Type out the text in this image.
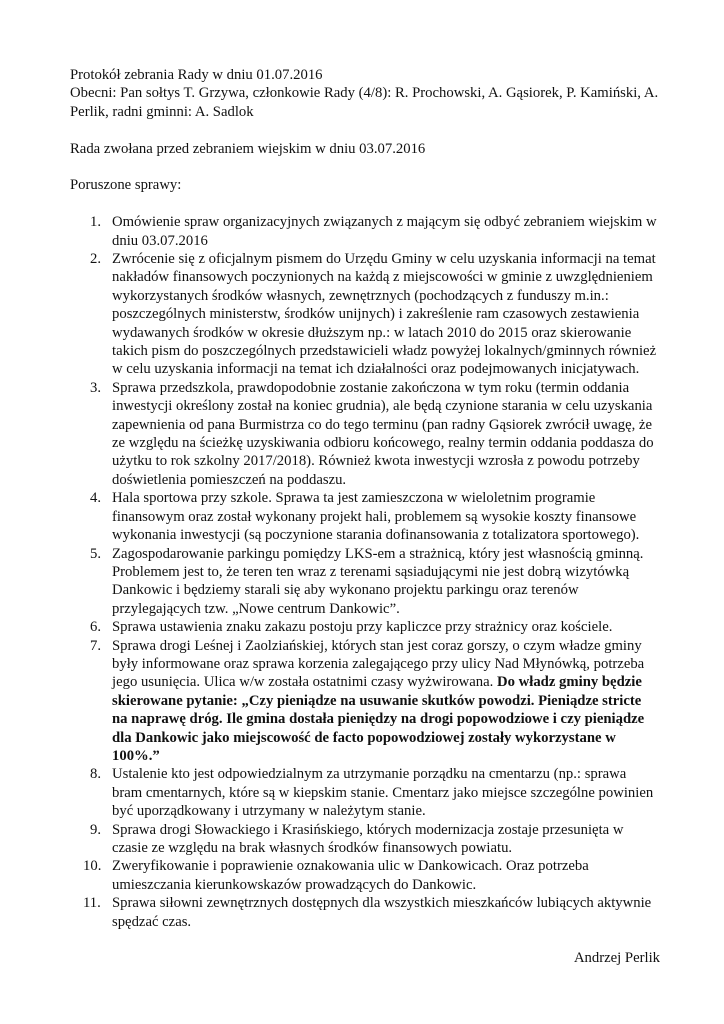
Protokół zebrania Rady w dniu 01.07.2016

Obecni: Pan sołtys T. Grzywa, członkowie Rady (4/8): R. Prochowski, A. Gąsiorek, P. Kamiński, A. Perlik, radni gminni: A. Sadlok

Rada zwołana przed zebraniem wiejskim w dniu 03.07.2016

Poruszone sprawy:

1. Omówienie spraw organizacyjnych związanych z mającym się odbyć zebraniem wiejskim w dniu 03.07.2016
2. Zwrócenie się z oficjalnym pismem do Urzędu Gminy w celu uzyskania informacji na temat nakładów finansowych poczynionych na każdą z miejscowości w gminie z uwzględnieniem wykorzystanych środków własnych, zewnętrznych (pochodzących z funduszy m.in.: poszczególnych ministerstw, środków unijnych) i zakreślenie ram czasowych zestawienia wydawanych środków w okresie dłuższym np.: w latach 2010 do 2015 oraz skierowanie takich pism do poszczególnych przedstawicieli władz powyżej lokalnych/gminnych również w celu uzyskania informacji na temat ich działalności oraz podejmowanych inicjatywach.
3. Sprawa przedszkola, prawdopodobnie zostanie zakończona w tym roku (termin oddania inwestycji określony został na koniec grudnia), ale będą czynione starania w celu uzyskania zapewnienia od pana Burmistrza co do tego terminu (pan radny Gąsiorek zwrócił uwagę, że ze względu na ścieżkę uzyskiwania odbioru końcowego, realny termin oddania poddasza do użytku to rok szkolny 2017/2018). Również kwota inwestycji wzrosła z powodu potrzeby doświetlenia pomieszczeń na poddaszu.
4. Hala sportowa przy szkole. Sprawa ta jest zamieszczona w wieloletnim programie finansowym oraz został wykonany projekt hali, problemem są wysokie koszty finansowe wykonania inwestycji (są poczynione starania dofinansowania z totalizatora sportowego).
5. Zagospodarowanie parkingu pomiędzy LKS-em a strażnicą, który jest własnością gminną. Problemem jest to, że teren ten wraz z terenami sąsiadującymi nie jest dobrą wizytówką Dankowic i będziemy starali się aby wykonano projektu parkingu oraz terenów przylegających tzw. „Nowe centrum Dankowic”.
6. Sprawa ustawienia znaku zakazu postoju przy kapliczce przy strażnicy oraz kościele.
7. Sprawa drogi Leśnej i Zaolziańskiej, których stan jest coraz gorszy, o czym władze gminy były informowane oraz sprawa korzenia zalegającego przy ulicy Nad Młynówką, potrzeba jego usunięcia. Ulica w/w została ostatnimi czasy wyżwirowana. Do władz gminy będzie skierowane pytanie: „Czy pieniądze na usuwanie skutków powodzi. Pieniądze stricte na naprawę dróg. Ile gmina dostała pieniędzy na drogi popowodziowe i czy pieniądze dla Dankowic jako miejscowość de facto popowodziowej zostały wykorzystane w 100%.”
8. Ustalenie kto jest odpowiedzialnym za utrzymanie porządku na cmentarzu (np.: sprawa bram cmentarnych, które są w kiepskim stanie. Cmentarz jako miejsce szczególne powinien być uporządkowany i utrzymany w należytym stanie.
9. Sprawa drogi Słowackiego i Krasińskiego, których modernizacja zostaje przesunięta w czasie ze względu na brak własnych środków finansowych powiatu.
10. Zweryfikowanie i poprawienie oznakowania ulic w Dankowicach. Oraz potrzeba umieszczania kierunkowskazów prowadzących do Dankowic.
11. Sprawa siłowni zewnętrznych dostępnych dla wszystkich mieszkańców lubiących aktywnie spędzać czas.

Andrzej Perlik
